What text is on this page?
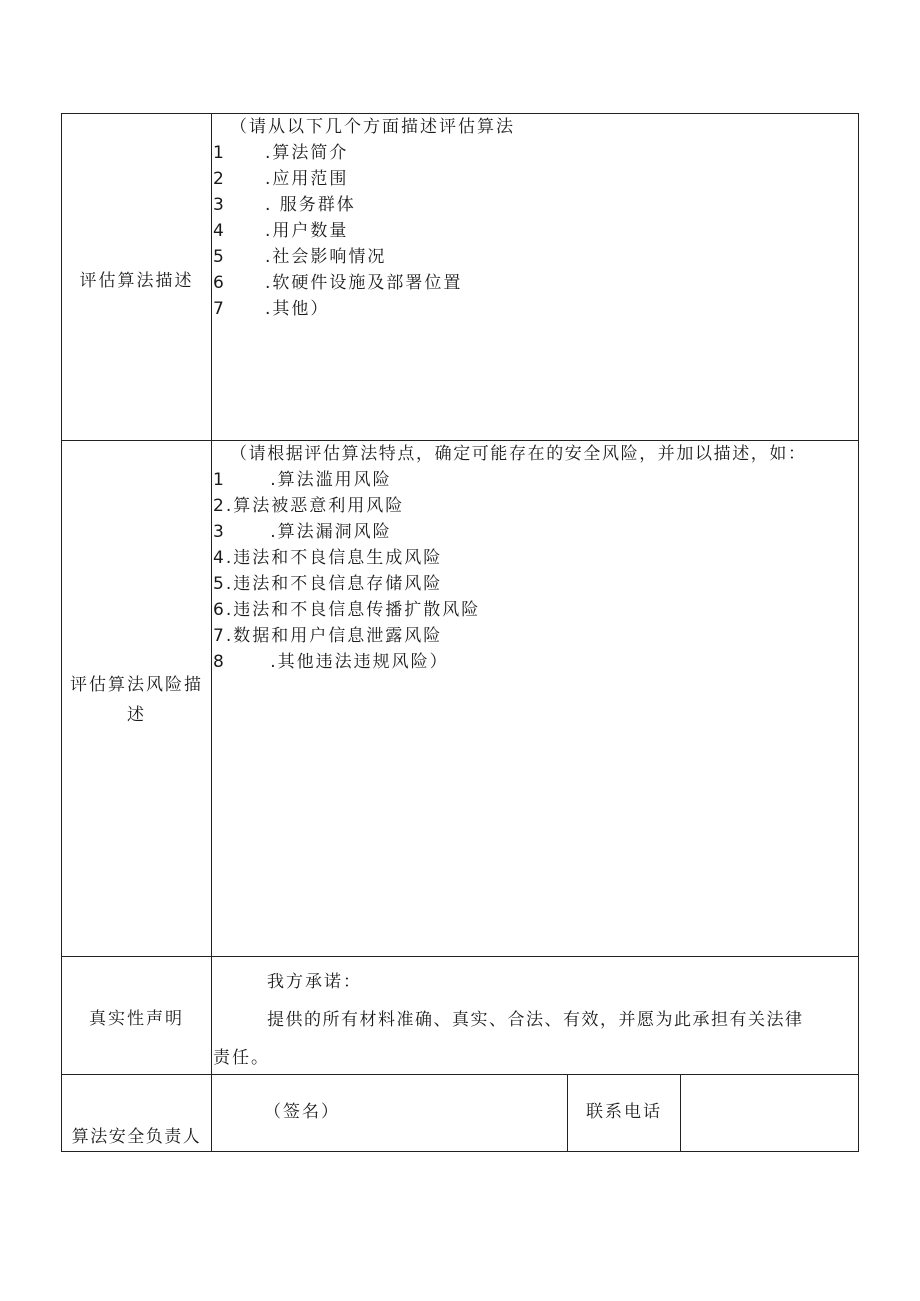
评估算法描述
（请从以下几个方面描述评估算法
1 .算法简介
2 .应用范围
3 . 服务群体
4 .用户数量
5 .社会影响情况
6 .软硬件设施及部署位置
7 .其他）
评估算法风险描
述
（请根据评估算法特点，确定可能存在的安全风险，并加以描述，如：
1      .算法滥用风险
2.算法被恶意利用风险
3      .算法漏洞风险
4.违法和不良信息生成风险
5.违法和不良信息存储风险
6.违法和不良信息传播扩散风险
7.数据和用户信息泄露风险
8      .其他违法违规风险）
真实性声明
我方承诺：
提供的所有材料准确、真实、合法、有效，并愿为此承担有关法律
责任。
算法安全负责人
（签名）	联系电话
